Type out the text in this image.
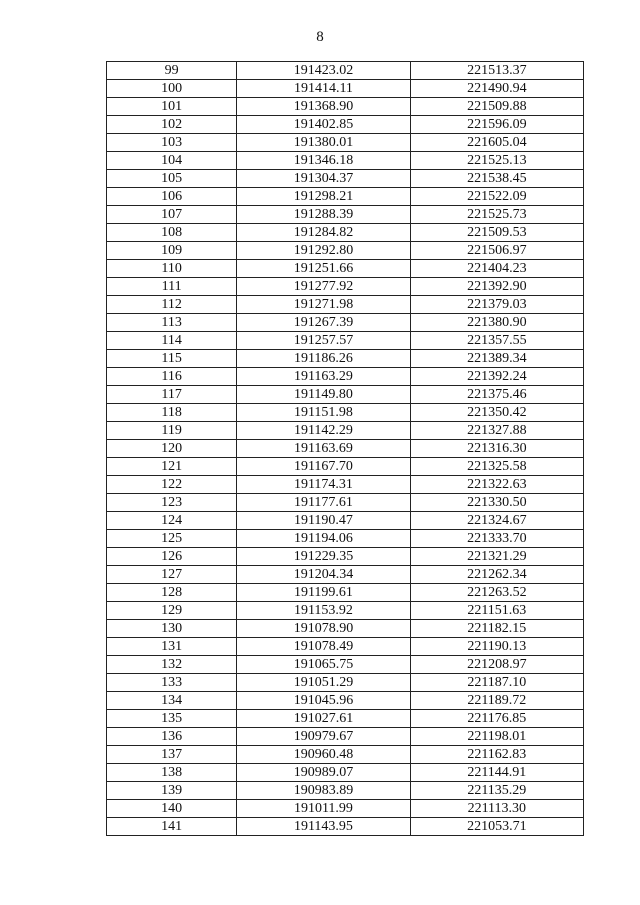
8
99	191423.02	221513.37
100	191414.11	221490.94
101	191368.90	221509.88
102	191402.85	221596.09
103	191380.01	221605.04
104	191346.18	221525.13
105	191304.37	221538.45
106	191298.21	221522.09
107	191288.39	221525.73
108	191284.82	221509.53
109	191292.80	221506.97
110	191251.66	221404.23
111	191277.92	221392.90
112	191271.98	221379.03
113	191267.39	221380.90
114	191257.57	221357.55
115	191186.26	221389.34
116	191163.29	221392.24
117	191149.80	221375.46
118	191151.98	221350.42
119	191142.29	221327.88
120	191163.69	221316.30
121	191167.70	221325.58
122	191174.31	221322.63
123	191177.61	221330.50
124	191190.47	221324.67
125	191194.06	221333.70
126	191229.35	221321.29
127	191204.34	221262.34
128	191199.61	221263.52
129	191153.92	221151.63
130	191078.90	221182.15
131	191078.49	221190.13
132	191065.75	221208.97
133	191051.29	221187.10
134	191045.96	221189.72
135	191027.61	221176.85
136	190979.67	221198.01
137	190960.48	221162.83
138	190989.07	221144.91
139	190983.89	221135.29
140	191011.99	221113.30
141	191143.95	221053.71
